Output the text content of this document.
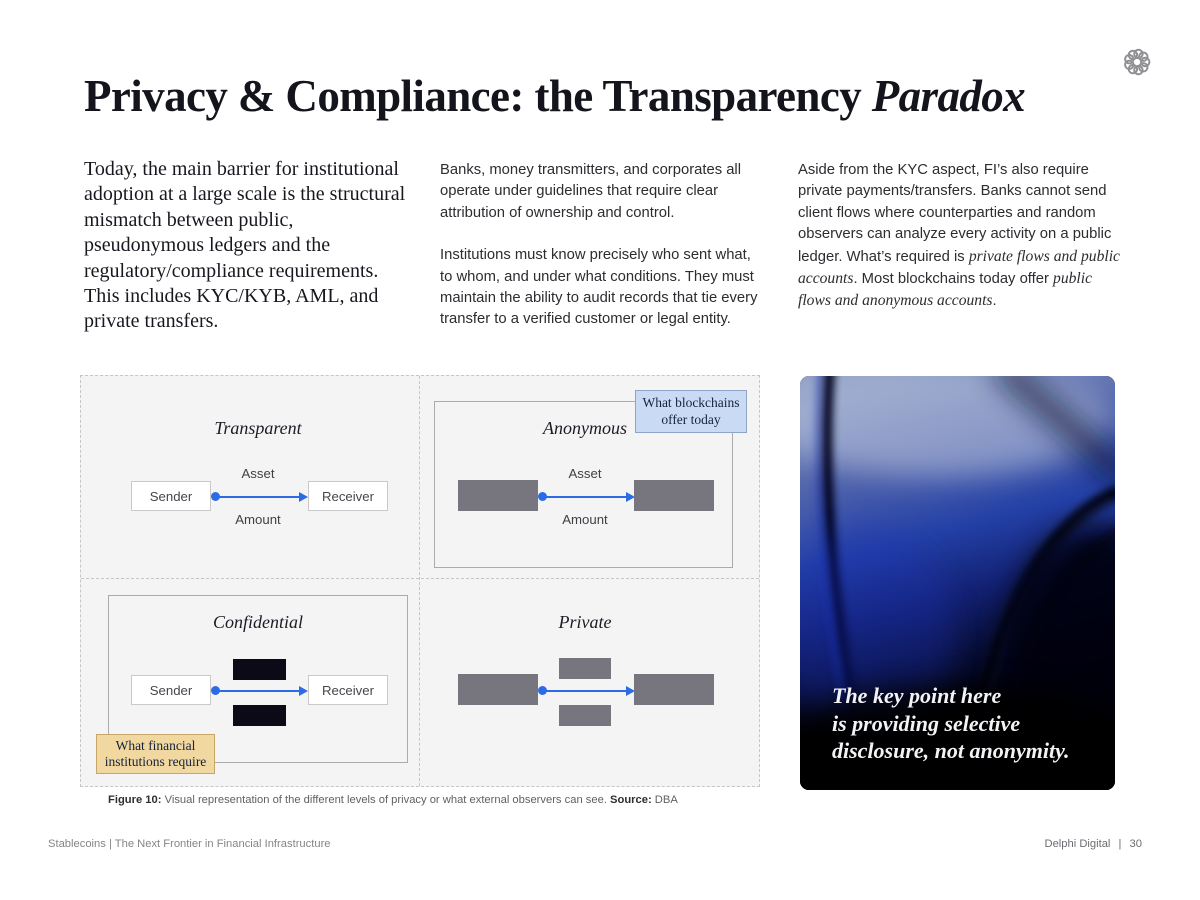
Privacy & Compliance: the Transparency Paradox
Today, the main barrier for institutional adoption at a large scale is the structural mismatch between public, pseudonymous ledgers and the regulatory/compliance requirements. This includes KYC/KYB, AML, and private transfers.
Banks, money transmitters, and corporates all operate under guidelines that require clear attribution of ownership and control.
Institutions must know precisely who sent what, to whom, and under what conditions. They must maintain the ability to audit records that tie every transfer to a verified customer or legal entity.
Aside from the KYC aspect, FI’s also require private payments/transfers. Banks cannot send client flows where counterparties and random observers can analyze every activity on a public ledger. What’s required is private flows and public accounts. Most blockchains today offer public flows and anonymous accounts.
Transparent
Asset
Sender	Receiver
Amount
Anonymous
Asset
Amount
What blockchains
offer today
Confidential
Sender	Receiver
What financial
institutions require
Private
The key point here
is providing selective
disclosure, not anonymity.
Figure 10: Visual representation of the different levels of privacy or what external observers can see. Source: DBA
Stablecoins | The Next Frontier in Financial Infrastructure	Delphi Digital | 30
